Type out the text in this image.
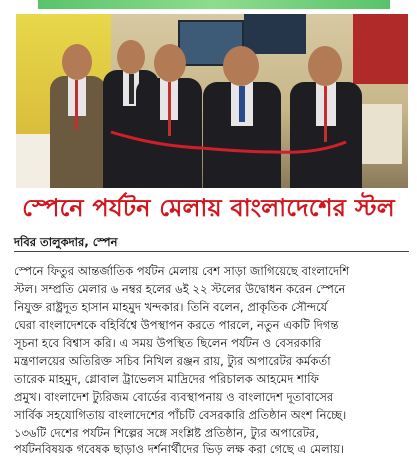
স্পেনে পর্যটন মেলায় বাংলাদেশের স্টল
দবির তালুকদার, স্পেন
স্পেনে ফিতুর আন্তর্জাতিক পর্যটন মেলায় বেশ সাড়া জাগিয়েছে বাংলাদেশি
স্টল। সম্প্রতি মেলার ৬ নম্বর হলের ৬ই ২২ স্টলের উদ্বোধন করেন স্পেনে
নিযুক্ত রাষ্ট্রদূত হাসান মাহমুদ খন্দকার। তিনি বলেন, প্রাকৃতিক সৌন্দর্যে
ঘেরা বাংলাদেশকে বহির্বিশ্বে উপস্থাপন করতে পারলে, নতুন একটি দিগন্ত
সূচনা হবে বিশ্বাস করি। এ সময় উপস্থিত ছিলেন পর্যটন ও বেসরকারি
মন্ত্রণালয়ের অতিরিক্ত সচিব নিখিল রঞ্জন রায়, ট্যুর অপারেটর কর্মকর্তা
তারেক মাহমুদ, গ্লোবাল ট্রাভেলস মাদ্রিদের পরিচালক আহমেদ শাফি
প্রমুখ। বাংলাদেশ ট্যুরিজম বোর্ডের ব্যবস্থাপনায় ও বাংলাদেশ দূতাবাসের
সার্বিক সহযোগিতায় বাংলাদেশের পাঁচটি বেসরকারি প্রতিষ্ঠান অংশ নিচ্ছে।
১৩৬টি দেশের পর্যটন শিল্পের সঙ্গে সংশ্লিষ্ট প্রতিষ্ঠান, ট্যুর অপারেটর,
পর্যটনবিষয়ক গবেষক ছাড়াও দর্শনার্থীদের ভিড় লক্ষ করা গেছে এ মেলায়।
